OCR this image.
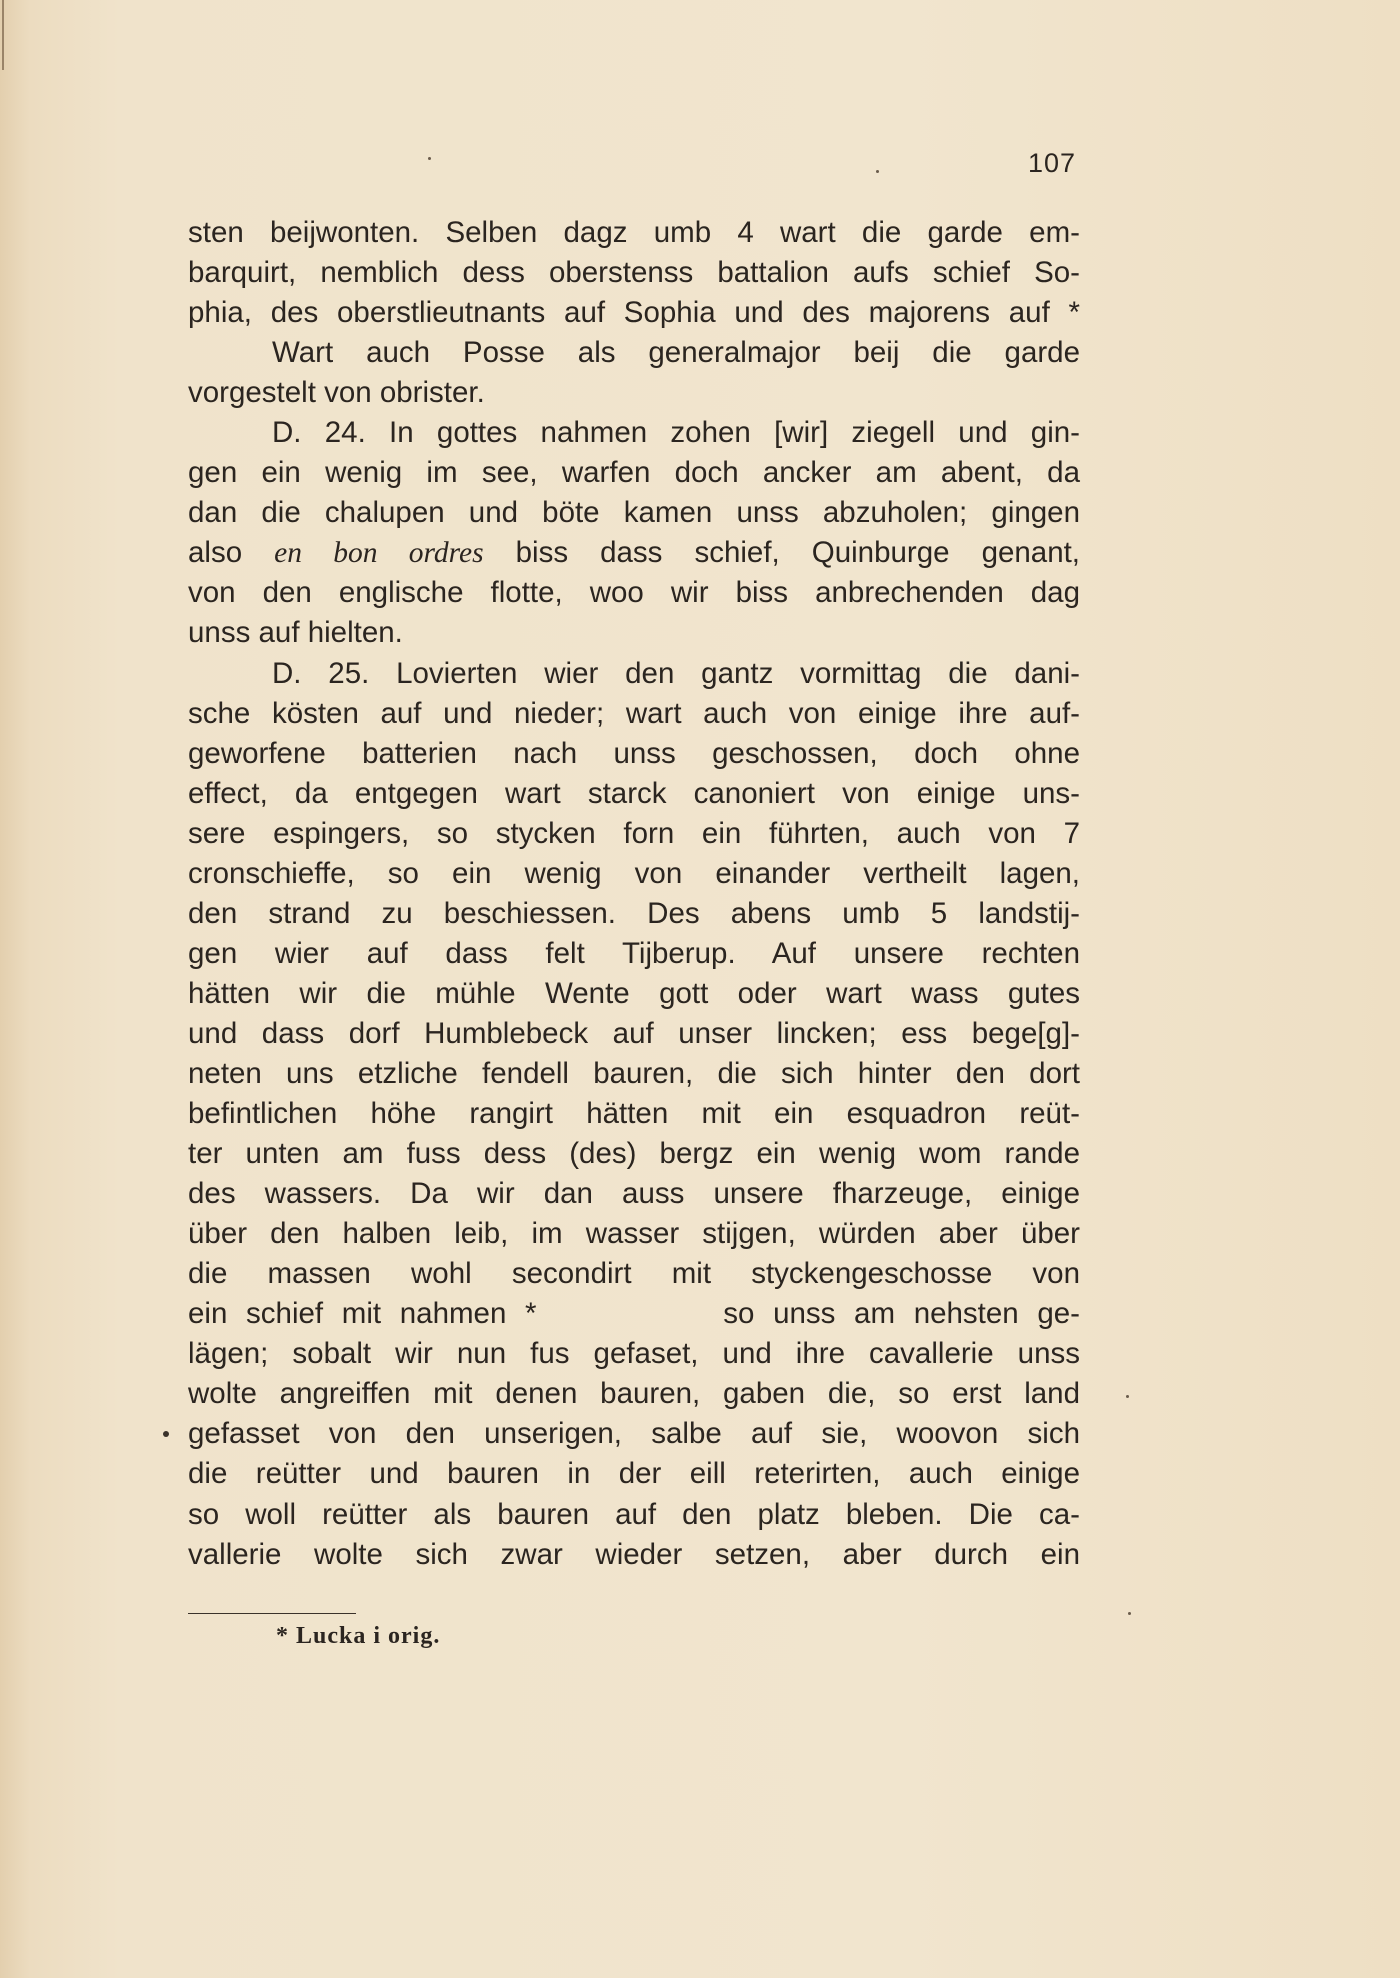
107
sten beijwonten. Selben dagz umb 4 wart die garde em-
barquirt, nemblich dess oberstenss battalion aufs schief So-
phia, des oberstlieutnants auf Sophia und des majorens auf *
Wart auch Posse als generalmajor beij die garde
vorgestelt von obrister.
D. 24. In gottes nahmen zohen [wir] ziegell und gin-
gen ein wenig im see, warfen doch ancker am abent, da
dan die chalupen und böte kamen unss abzuholen; gingen
also en bon ordres biss dass schief, Quinburge genant,
von den englische flotte, woo wir biss anbrechenden dag
unss auf hielten.
D. 25. Lovierten wier den gantz vormittag die dani-
sche kösten auf und nieder; wart auch von einige ihre auf-
geworfene batterien nach unss geschossen, doch ohne
effect, da entgegen wart starck canoniert von einige uns-
sere espingers, so stycken forn ein führten, auch von 7
cronschieffe, so ein wenig von einander vertheilt lagen,
den strand zu beschiessen. Des abens umb 5 landstij-
gen wier auf dass felt Tijberup. Auf unsere rechten
hätten wir die mühle Wente gott oder wart wass gutes
und dass dorf Humblebeck auf unser lincken; ess bege[g]-
neten uns etzliche fendell bauren, die sich hinter den dort
befintlichen höhe rangirt hätten mit ein esquadron reüt-
ter unten am fuss dess (des) bergz ein wenig wom rande
des wassers. Da wir dan auss unsere fharzeuge, einige
über den halben leib, im wasser stijgen, würden aber über
die massen wohl secondirt mit styckengeschosse von
ein schief mit nahmen *          so unss am nehsten ge-
lägen; sobalt wir nun fus gefaset, und ihre cavallerie unss
wolte angreiffen mit denen bauren, gaben die, so erst land
gefasset von den unserigen, salbe auf sie, woovon sich
die reütter und bauren in der eill reterirten, auch einige
so woll reütter als bauren auf den platz bleben. Die ca-
vallerie wolte sich zwar wieder setzen, aber durch ein
* Lucka i orig.
